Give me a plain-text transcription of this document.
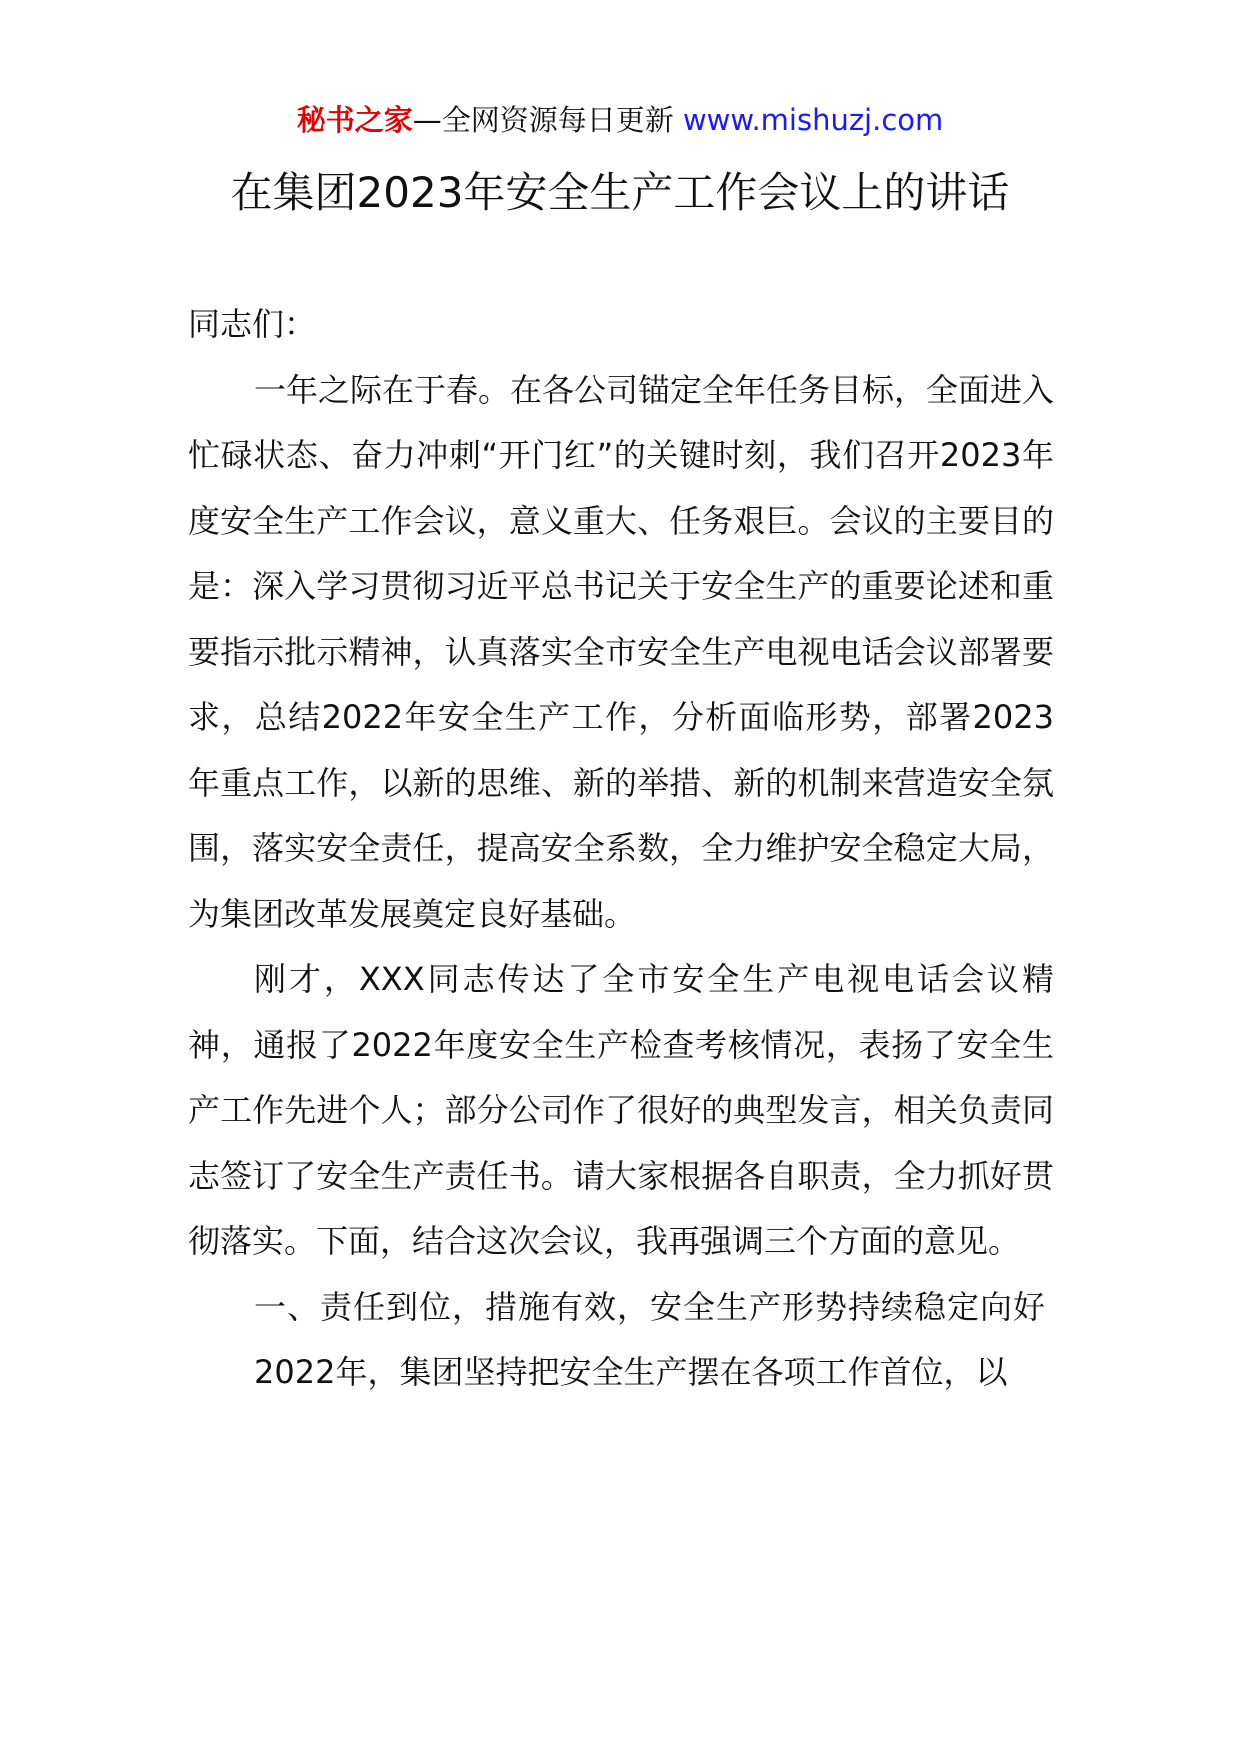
秘书之家—全网资源每日更新 www.mishuzj.com
在集团2023年安全生产工作会议上的讲话

同志们：

一年之际在于春。在各公司锚定全年任务目标，全面进入忙碌状态、奋力冲刺“开门红”的关键时刻，我们召开2023年度安全生产工作会议，意义重大、任务艰巨。会议的主要目的是：深入学习贯彻习近平总书记关于安全生产的重要论述和重要指示批示精神，认真落实全市安全生产电视电话会议部署要求，总结2022年安全生产工作，分析面临形势，部署2023年重点工作，以新的思维、新的举措、新的机制来营造安全氛围，落实安全责任，提高安全系数，全力维护安全稳定大局，为集团改革发展奠定良好基础。

刚才，XXX同志传达了全市安全生产电视电话会议精神，通报了2022年度安全生产检查考核情况，表扬了安全生产工作先进个人；部分公司作了很好的典型发言，相关负责同志签订了安全生产责任书。请大家根据各自职责，全力抓好贯彻落实。下面，结合这次会议，我再强调三个方面的意见。

一、责任到位，措施有效，安全生产形势持续稳定向好

2022年，集团坚持把安全生产摆在各项工作首位，以
